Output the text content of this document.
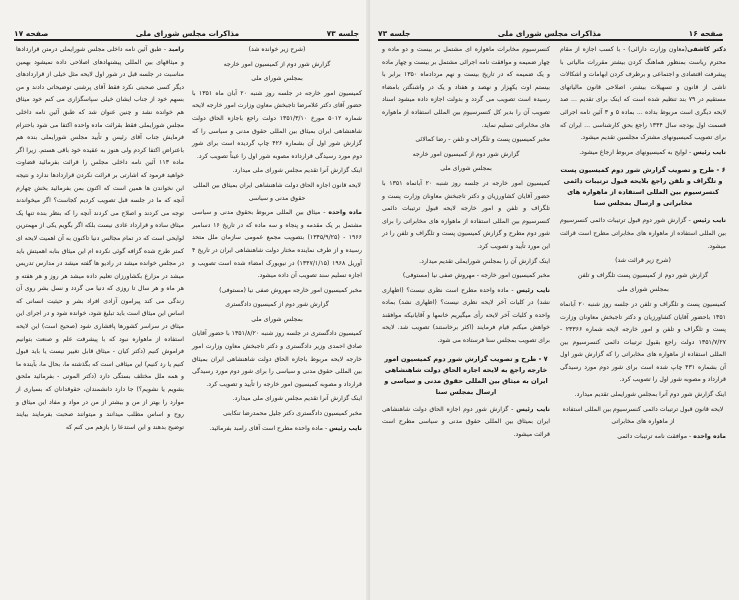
جلسه ۷۳
مذاکرات مجلس شورای ملی
صفحه ۱۷

(شرح زیر خوانده شد)

گزارش شور دوم از کمیسیون امور خارجه

بمجلس شورای ملی

کمیسیون امور خارجه در جلسه روز شنبه ۲۰ آبان ماه ۱۳۵۱ با حضور آقای دکتر غلامرضا تاجبخش معاون وزارت امور خارجه لایحه شماره ۵۰۱۲ مورخ ۱۳۵۱/۳/۱۰ دولت راجع باجازه الحاق دولت شاهنشاهی ایران بمیثاق بین المللی حقوق مدنی و سیاسی را که گزارش شور اول آن بشماره ۴۲۶ چاپ گردیده است برای شور دوم مورد رسیدگی قرارداده مصوبه شور اول را عیناً تصویب کرد.

اینک گزارش آنرا تقدیم مجلس شورای ملی میدارد.

لایحه قانون اجازه الحاق دولت شاهنشاهی ایران بمیثاق بین المللی حقوق مدنی و سیاسی

ماده واحده - میثاق بین المللی مربوط بحقوق مدنی و سیاسی مشتمل بر یک مقدمه و پنجاه و سه ماده که در تاریخ ۱۶ دسامبر ۱۹۶۶ - (۱۳۴۵/۹/۲۵) بتصویب مجمع عمومی سازمان ملل متحد رسیده و از طرف نماینده مختار دولت شاهنشاهی ایران در تاریخ ۴ آوریل ۱۹۶۸ (۱۳۴۷/۱/۱۵) در نیویورک امضاء شده است تصویب و اجازه تسلیم سند تصویب آن داده میشود.

مخبر کمیسیون امور خارجه مهروش صفی نیا (مستوفی)

گزارش شور دوم از کمیسیون دادگستری

بمجلس شورای ملی

کمیسیون دادگستری در جلسه روز شنبه ۱۳۵۱/۸/۲۰ با حضور آقایان صادق احمدی وزیر دادگستری و دکتر تاجبخش معاون وزارت امور خارجه لایحه مربوط باجازه الحاق دولت شاهنشاهی ایران بمیثاق بین المللی حقوق مدنی و سیاسی را برای شور دوم مورد رسیدگی قرارداد و مصوبه کمیسیون امور خارجه را تأیید و تصویب کرد.

اینک گزارش آنرا تقدیم مجلس شورای ملی میدارد.

مخبر کمیسیون دادگستری دکتر جلیل محمدرضا تنکابنی

نایب رئیس - ماده واحده مطرح است آقای رامبد بفرمائید.

رامبد - طبق آئین نامه داخلی مجلس شورایملی درمتن قراردادها و میثاقهای بین المللی پیشنهادهای اصلاحی داده نمیشود بهمین مناسبت در جلسه قبل در شور اول لایحه مثل خیلی از قراردادهای دیگر کسی صحبتی نکرد فقط آقای پرشنی توضیحاتی دادند و من بسهم خود از جناب ایشان خیلی سپاسگزاری می کنم خود میثاق هم خوانده نشد و چنین عنوان شد که طبق آئین نامه داخلی مجلس شورایملی فقط بقرائت ماده واحده اکتفا می شود باحترام فرمایش جناب آقای رئیس و تأیید مجلس شورایملی بنده هم باعتراض اکتفا کردم ولی هنوز به عقیده خود باقی هستم. زیرا اگر ماده ۱۱۳ آئین نامه داخلی مجلس را قرائت بفرمائید قضاوت خواهید فرمود که اشارتی بر قرائت نکردن قراردادها ندارد و نتیجه این نخواندن ها همین است که اکنون بمن بفرمائید بخش چهارم آنچه که ما در جلسه قبل تصویب کردیم کجاست؟ اگر میخواندند توجه می کردند و اصلاح می کردند آنچه را که بنظر بنده تنها یک میثاق ساده و قرارداد عادی نیست بلکه اگر بگویم یکی از مهمترین لوایحی است که در تمام مجالس دنیا تاکنون به آن اهمیت لایحه ای کمتر طرح شده گزافه گوئی نکرده ام این میثاق بنابه اهمیتش باید در مجلس خوانده میشد در رادیو ها گفته میشد در مدارس تدریس میشد در مزارع بکشاورزان تعلیم داده میشد هر روز و هر هفته و هر ماه و هر سال تا روزی که دنیا می گردد و نسل بشر روی آن زندگی می کند پیرامون آزادی افراد بشر و حیثیت انسانی که اساس این میثاق است باید تبلیغ شود، خوانده شود و در اجرای این میثاق در سراسر کشورها پافشاری شود (صحیح است) این لایحه استفاده از ماهواره نبود که با پیشرفت علم و صنعت بتوانیم فراموش کنیم (دکتر کیان - میثاق قابل تغییر نیست یا باید قبول کنیم یا رد کنیم) این میثاقی است که بگذشته ما، بحال ما، بآینده ما و همه ملل مختلف بستگی دارد (دکتر الموتی - بفرمائید ملحق بشویم یا نشویم؟) جا دارد دانشمندان، حقوقدانان که بسیاری از موارد را بهتر از من و بیشتر از من در مواد و مفاد این میثاق و روح و اساس مطلب میدانند و میتوانند صحبت بفرمایند بیایند توضیح بدهند و این استدعا را بازهم می کنم که

صفحه ۱۶
مذاکرات مجلس شورای ملی
جلسه ۷۳

دکتر کاشفی(معاون وزارت دارائی) - با کسب اجازه از مقام محترم ریاست بمنظور هماهنگ کردن بیشتر مقررات مالیاتی با پیشرفت اقتصادی و اجتماعی و برطرف کردن ابهامات و اشکالات ناشی از قانون و تسهیلات بیشتر، اصلاحی قانون مالیاتهای مستقیم در ۷۹ بند تنظیم شده است که اینک برای تقدیم ... صد لایحه دیگری است مربوط بداده ... بماده ۵ و ۳ آئین نامه اجرائی قسمت اول بودجه سال ۱۳۴۴ راجع بحق کارشناسی ... ایران که برای تصویب کمیسیونهای مشترک مجلسین تقدیم میشود.

نایب رئیس - لوایح به کمیسیونهای مربوط ارجاع میشود.

۶ - طرح و تصویب گزارش شور دوم کمیسیون پست و تلگراف و تلفن راجع بلایحه قبول ترتیبات دائمی کنسرسیوم بین المللی استفاده از ماهواره های مخابراتی و ارسال بمجلس سنا

نایب رئیس - گزارش شور دوم قبول ترتیبات دائمی کنسرسیوم بین المللی استفاده از ماهواره های مخابراتی مطرح است قرائت میشود.

(شرح زیر قرائت شد)

گزارش شور دوم از کمیسیون پست تلگراف و تلفن

بمجلس شورای ملی

کمیسیون پست و تلگراف و تلفن در جلسه روز شنبه ۲۰ آبانماه ۱۳۵۱ باحضور آقایان کشاورزیان و دکتر تاجبخش معاونان وزارت پست و تلگراف و تلفن و امور خارجه لایحه شماره ۲۳۳۶۶ - ۱۳۵۱/۷/۲۷ دولت راجع بقبول ترتیبات دائمی کنسرسیوم بین المللی استفاده از ماهواره های مخابراتی را که گزارش شور اول آن بشماره ۴۳۱ چاپ شده است برای شور دوم مورد رسیدگی قرارداد و مصوبه شور اول را تصویب کرد.

اینک گزارش شور دوم آنرا بمجلس شورایملی تقدیم میدارد.

لایحه قانون قبول ترتیبات دائمی کنسرسیوم بین المللی استفاده از ماهواره های مخابراتی

ماده واحده - موافقت نامه ترتیبات دائمی

کنسرسیوم مخابرات ماهواره ای مشتمل بر بیست و دو ماده و چهار ضمیمه و موافقت نامه اجرائی مشتمل بر بیست و چهار ماده و یک ضمیمه که در تاریخ بیست و نهم مردادماه ۱۳۵۰ برابر با بیستم اوت یکهزار و نهصد و هفتاد و یک در واشنگتن بامضاء رسیده است تصویب می گردد و بدولت اجازه داده میشود اسناد تصویب آن را بدیر کل کنسرسیوم بین المللی استفاده از ماهواره های مخابراتی تسلیم نماید.

مخبر کمیسیون پست و تلگراف و تلفن - رضا کمالائی

گزارش شور دوم از کمیسیون امور خارجه

بمجلس شورای ملی

کمیسیون امور خارجه در جلسه روز شنبه ۲۰ آبانماه ۱۳۵۱ با حضور آقایان کشاورزیان و دکتر تاجبخش معاونان وزارت پست و تلگراف و تلفن و امور خارجه لایحه قبول ترتیبات دائمی کنسرسیوم بین المللی استفاده از ماهواره های مخابراتی را برای شور دوم مطرح و گزارش کمیسیون پست و تلگراف و تلفن را در این مورد تأیید و تصویب کرد.

اینک گزارش آن را بمجلس شورایملی تقدیم میدارد.

مخبر کمیسیون امور خارجه - مهروش صفی نیا (مستوفی)

نایب رئیس - ماده واحده مطرح است نظری نیست؟ (اظهاری نشد) در کلیات آخر لایحه نظری نیست؟ (اظهاری نشد) بماده واحده و کلیات آخر لایحه رأی میگیریم خانمها و آقایانیکه موافقند خواهش میکنم قیام فرمایند (اکثر برخاستند) تصویب شد. لایحه برای تصویب بمجلس سنا فرستاده می شود.

۷ - طرح و تصویب گزارش شور دوم کمیسیون امور خارجه راجع به لایحه اجازه الحاق دولت شاهنشاهی ایران به میثاق بین المللی حقوق مدنی و سیاسی و ارسال بمجلس سنا

نایب رئیس - گزارش شور دوم اجازه الحاق دولت شاهنشاهی ایران بمیثاق بین المللی حقوق مدنی و سیاسی مطرح است قرائت میشود.
